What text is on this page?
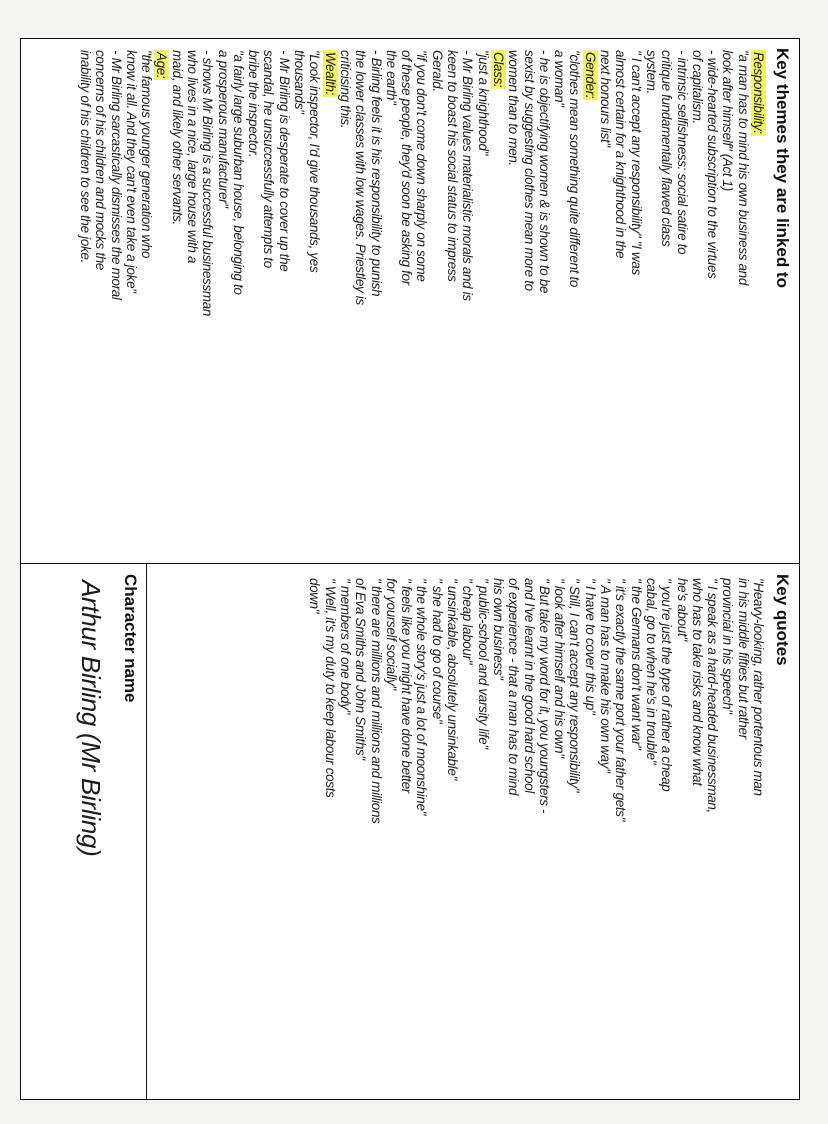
Key themes they are linked to
Responsibility:
"a man has to mind his own business and
look after himself" (Act 1)
- wide-hearted subscription to the virtues
of capitalism.
- intrinsic selfishness: social satire to
critique fundamentally flawed class
system.
" I can't accept any responsibility" "I was
almost certain for a knighthood in the
next honours list"
Gender:
"clothes mean something quite different to
a woman"
- he is objectifying women & is shown to be
sexist by suggesting clothes mean more to
women than to men.
Class:
"just a knighthood"
- Mr Birling values materialistic morals and is
keen to boast his social status to impress
Gerald.
"if you don't come down sharply on some
of these people, they'd soon be asking for
the earth"
- Birling feels it is his responsibility to punish
the lower classes with low wages. Priestley is
criticising this.
Wealth:
"Look inspector, I'd give thousands, yes
thousands"
- Mr Birling is desperate to cover up the
scandal, he unsuccessfully attempts to
bribe the inspector.
"a fairly large suburban house, belonging to
a prosperous manufacturer"
- shows Mr Birling is a successful businessman
who lives in a nice, large house with a
maid, and likely other servants.
Age:
"the famous younger generation who
know it all. And they can't even take a joke"
- Mr Birling sarcastically dismisses the moral
concerns of his children and mocks the
inability of his children to see the joke.
Key quotes
"Heavy-looking, rather portentous man
in his middle fifties but rather
provincial in his speech"
" I speak as a hard-headed businessman,
who has to take risks and know what
he's about"
" you're just the type of rather a cheap
cabal, go to when he's in trouble"
" the Germans don't want war"
" it's exactly the same port your father gets"
" A man has to make his own way"
" I have to cover this up"
" Still, I can't accept any responsibility"
" look after himself and his own"
" But take my word for it, you youngsters -
and I've learnt in the good hard school
of experience - that a man has to mind
his own business"
" public-school and varsity life"
" cheap labour"
" unsinkable, absolutely unsinkable"
" she had to go of course"
" the whole story's just a lot of moonshine"
" feels like you might have done better
for yourself socially"
" there are millions and millions and millions
of Eva Smiths and John Smiths"
" members of one body"
" Well, it's my duty to keep labour costs
down"
Character name
Arthur Birling (Mr Birling)
